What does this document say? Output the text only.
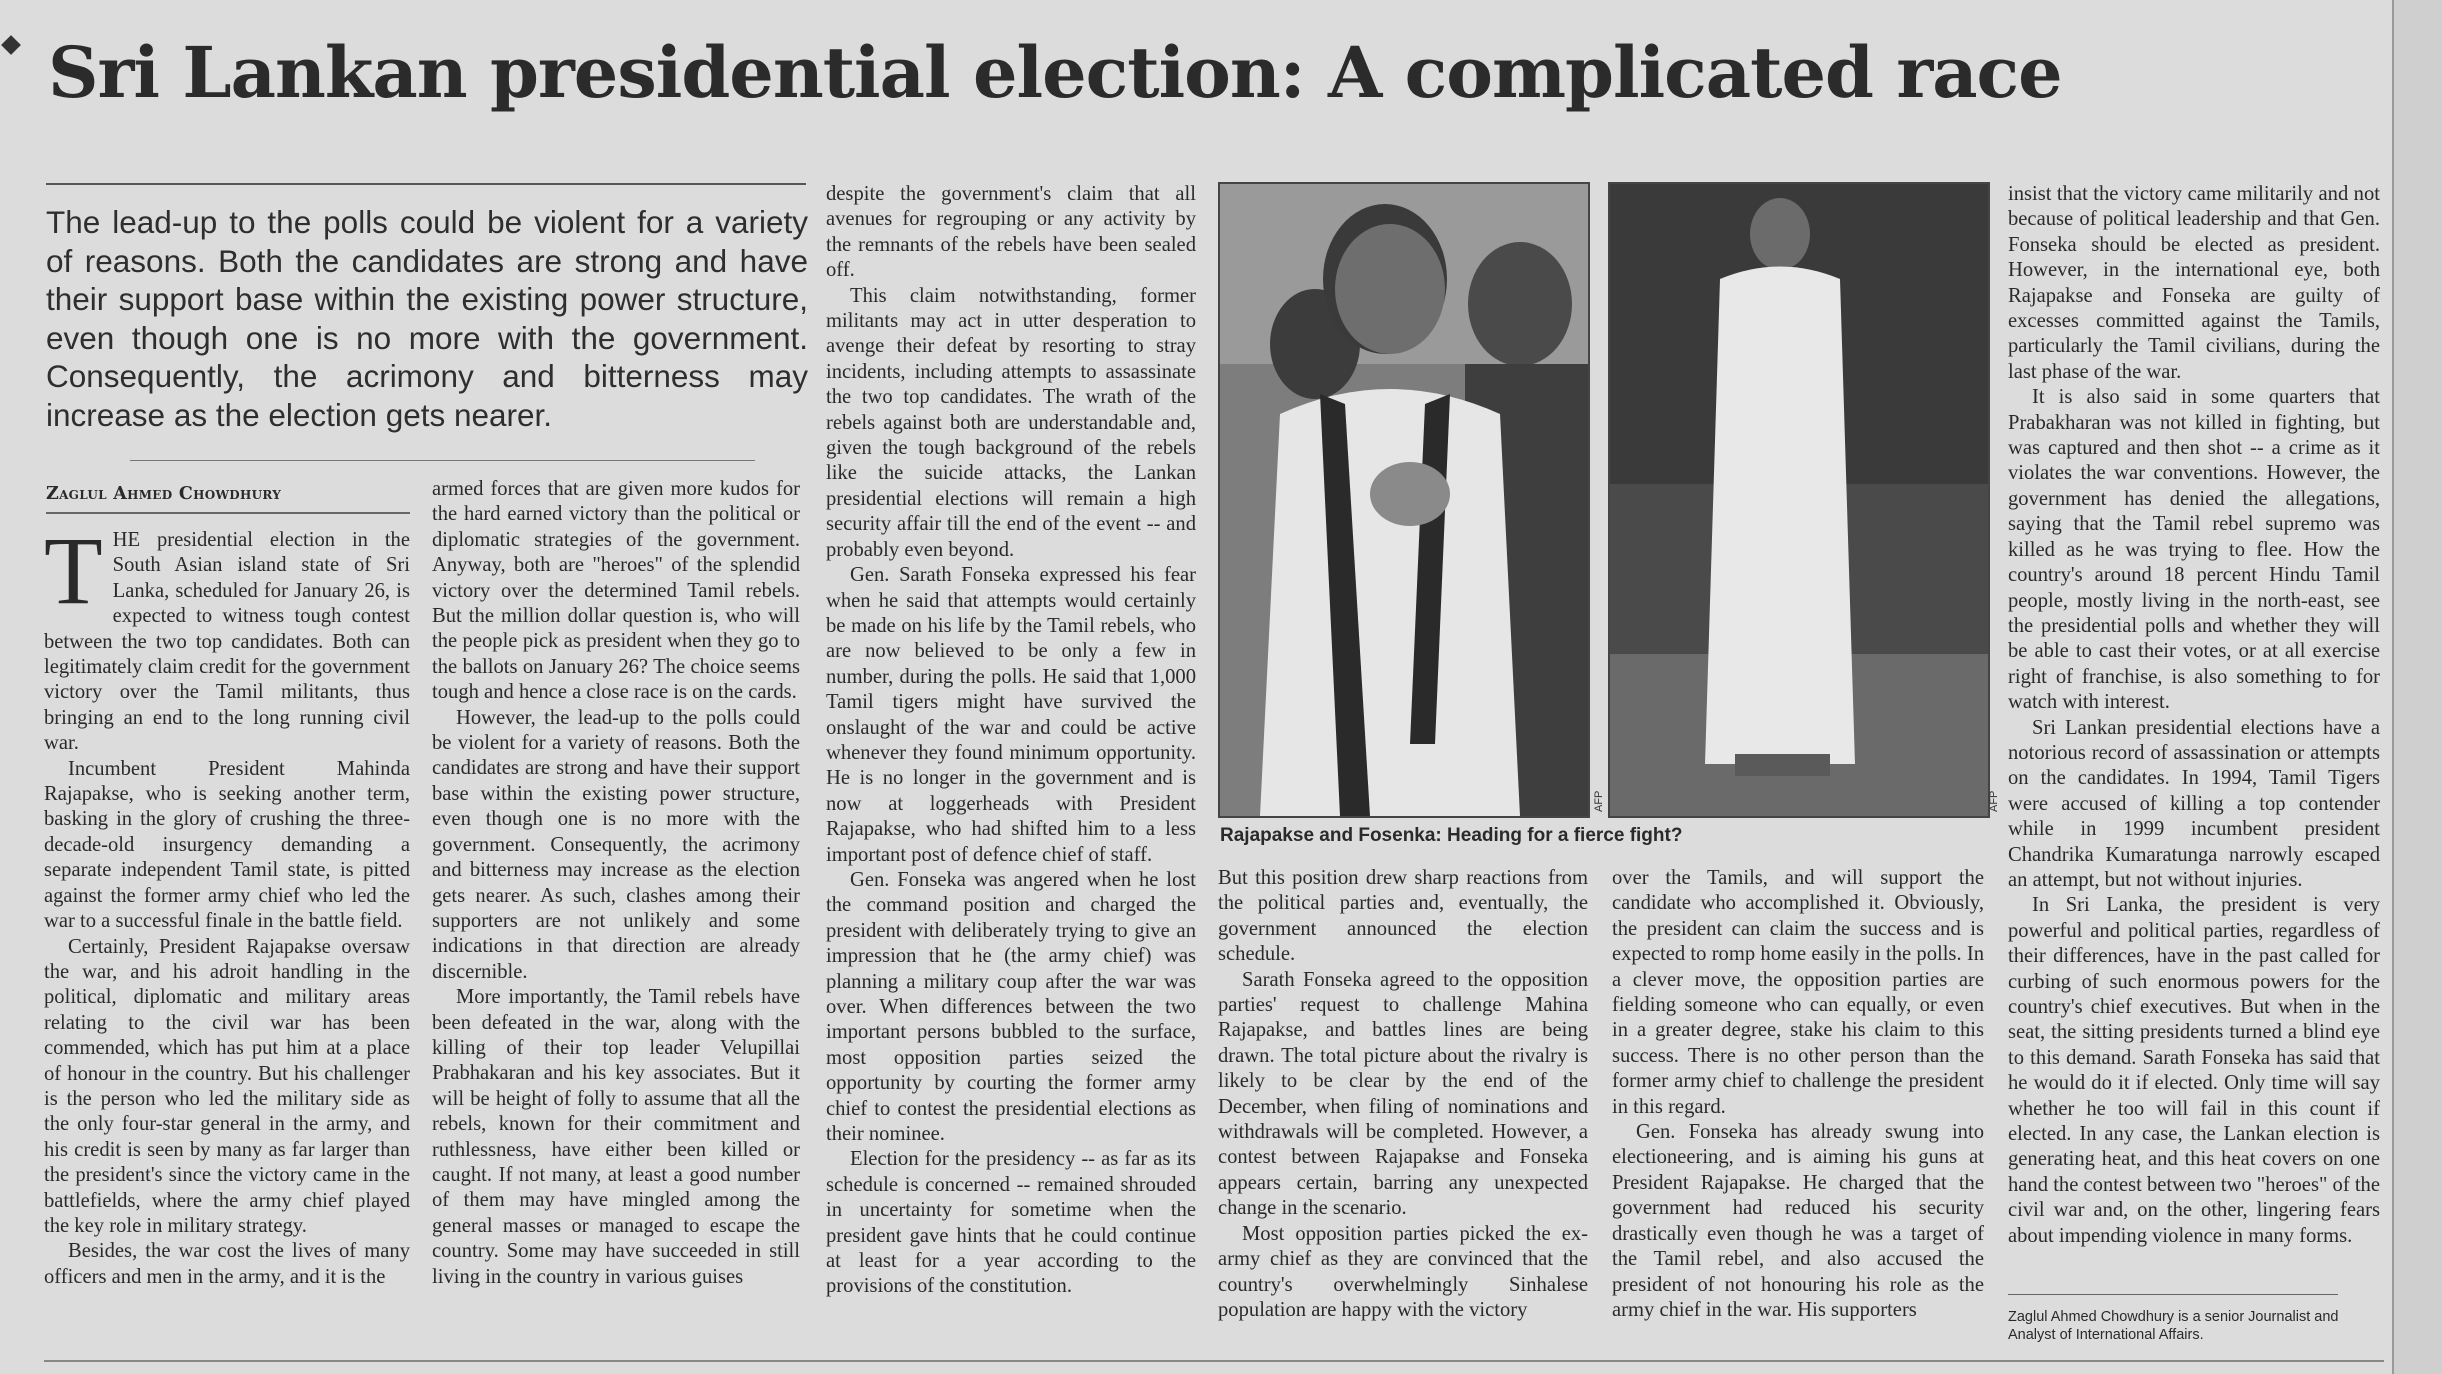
Sri Lankan presidential election: A complicated race
The lead-up to the polls could be violent for a variety of reasons. Both the candidates are strong and have their support base within the existing power structure, even though one is no more with the government. Consequently, the acrimony and bitterness may increase as the election gets nearer.
Zaglul Ahmed Chowdhury

THE presidential election in the South Asian island state of Sri Lanka, scheduled for January 26, is expected to witness tough contest between the two top candidates. Both can legitimately claim credit for the government victory over the Tamil militants, thus bringing an end to the long running civil war.

Incumbent President Mahinda Rajapakse, who is seeking another term, basking in the glory of crushing the three-decade-old insurgency demanding a separate independent Tamil state, is pitted against the former army chief who led the war to a successful finale in the battle field.

Certainly, President Rajapakse oversaw the war, and his adroit handling in the political, diplomatic and military areas relating to the civil war has been commended, which has put him at a place of honour in the country. But his challenger is the person who led the military side as the only four-star general in the army, and his credit is seen by many as far larger than the president's since the victory came in the battlefields, where the army chief played the key role in military strategy.

Besides, the war cost the lives of many officers and men in the army, and it is the

armed forces that are given more kudos for the hard earned victory than the political or diplomatic strategies of the government. Anyway, both are "heroes" of the splendid victory over the determined Tamil rebels. But the million dollar question is, who will the people pick as president when they go to the ballots on January 26? The choice seems tough and hence a close race is on the cards.

However, the lead-up to the polls could be violent for a variety of reasons. Both the candidates are strong and have their support base within the existing power structure, even though one is no more with the government. Consequently, the acrimony and bitterness may increase as the election gets nearer. As such, clashes among their supporters are not unlikely and some indications in that direction are already discernible.

More importantly, the Tamil rebels have been defeated in the war, along with the killing of their top leader Velupillai Prabhakaran and his key associates. But it will be height of folly to assume that all the rebels, known for their commitment and ruthlessness, have either been killed or caught. If not many, at least a good number of them may have mingled among the general masses or managed to escape the country. Some may have succeeded in still living in the country in various guises

despite the government's claim that all avenues for regrouping or any activity by the remnants of the rebels have been sealed off.

This claim notwithstanding, former militants may act in utter desperation to avenge their defeat by resorting to stray incidents, including attempts to assassinate the two top candidates. The wrath of the rebels against both are understandable and, given the tough background of the rebels like the suicide attacks, the Lankan presidential elections will remain a high security affair till the end of the event -- and probably even beyond.

Gen. Sarath Fonseka expressed his fear when he said that attempts would certainly be made on his life by the Tamil rebels, who are now believed to be only a few in number, during the polls. He said that 1,000 Tamil tigers might have survived the onslaught of the war and could be active whenever they found minimum opportunity. He is no longer in the government and is now at loggerheads with President Rajapakse, who had shifted him to a less important post of defence chief of staff.

Gen. Fonseka was angered when he lost the command position and charged the president with deliberately trying to give an impression that he (the army chief) was planning a military coup after the war was over. When differences between the two important persons bubbled to the surface, most opposition parties seized the opportunity by courting the former army chief to contest the presidential elections as their nominee.

Election for the presidency -- as far as its schedule is concerned -- remained shrouded in uncertainty for sometime when the president gave hints that he could continue at least for a year according to the provisions of the constitution.

AFP	AFP
Rajapakse and Fosenka: Heading for a fierce fight?

But this position drew sharp reactions from the political parties and, eventually, the government announced the election schedule.

Sarath Fonseka agreed to the opposition parties' request to challenge Mahina Rajapakse, and battles lines are being drawn. The total picture about the rivalry is likely to be clear by the end of the December, when filing of nominations and withdrawals will be completed. However, a contest between Rajapakse and Fonseka appears certain, barring any unexpected change in the scenario.

Most opposition parties picked the ex-army chief as they are convinced that the country's overwhelmingly Sinhalese population are happy with the victory

over the Tamils, and will support the candidate who accomplished it. Obviously, the president can claim the success and is expected to romp home easily in the polls. In a clever move, the opposition parties are fielding someone who can equally, or even in a greater degree, stake his claim to this success. There is no other person than the former army chief to challenge the president in this regard.

Gen. Fonseka has already swung into electioneering, and is aiming his guns at President Rajapakse. He charged that the government had reduced his security drastically even though he was a target of the Tamil rebel, and also accused the president of not honouring his role as the army chief in the war. His supporters

insist that the victory came militarily and not because of political leadership and that Gen. Fonseka should be elected as president. However, in the international eye, both Rajapakse and Fonseka are guilty of excesses committed against the Tamils, particularly the Tamil civilians, during the last phase of the war.

It is also said in some quarters that Prabakharan was not killed in fighting, but was captured and then shot -- a crime as it violates the war conventions. However, the government has denied the allegations, saying that the Tamil rebel supremo was killed as he was trying to flee. How the country's around 18 percent Hindu Tamil people, mostly living in the north-east, see the presidential polls and whether they will be able to cast their votes, or at all exercise right of franchise, is also something to for watch with interest.

Sri Lankan presidential elections have a notorious record of assassination or attempts on the candidates. In 1994, Tamil Tigers were accused of killing a top contender while in 1999 incumbent president Chandrika Kumaratunga narrowly escaped an attempt, but not without injuries.

In Sri Lanka, the president is very powerful and political parties, regardless of their differences, have in the past called for curbing of such enormous powers for the country's chief executives. But when in the seat, the sitting presidents turned a blind eye to this demand. Sarath Fonseka has said that he would do it if elected. Only time will say whether he too will fail in this count if elected. In any case, the Lankan election is generating heat, and this heat covers on one hand the contest between two "heroes" of the civil war and, on the other, lingering fears about impending violence in many forms.

Zaglul Ahmed Chowdhury is a senior Journalist and Analyst of International Affairs.
